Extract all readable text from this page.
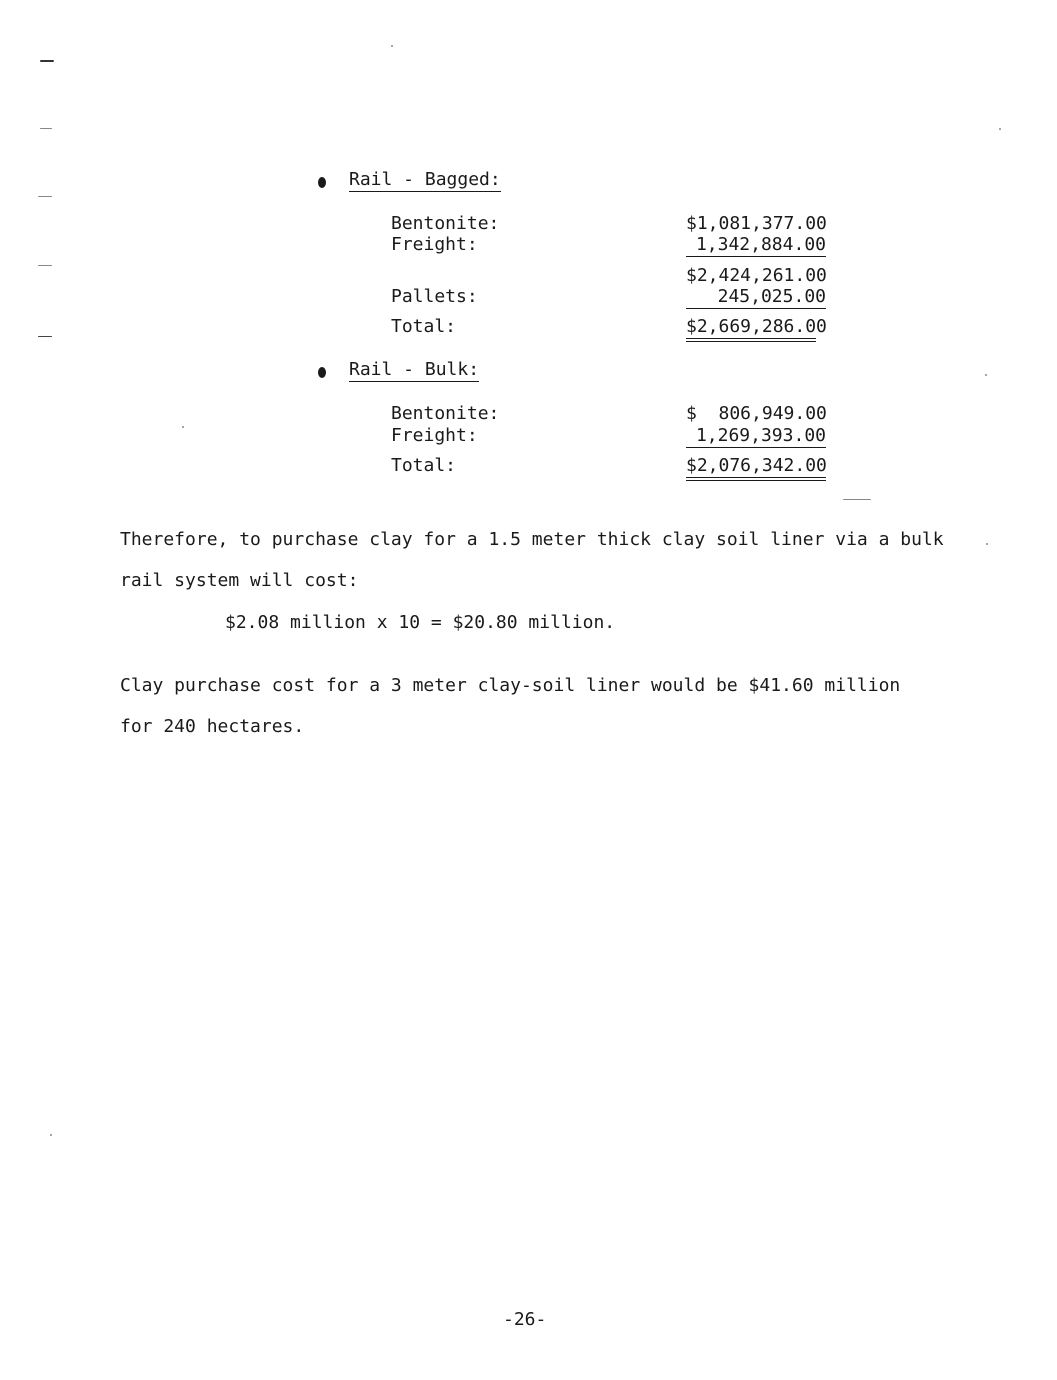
Rail - Bagged:
Bentonite:	$1,081,377.00
Freight:	1,342,884.00
$2,424,261.00
Pallets:	245,025.00
Total:	$2,669,286.00
Rail - Bulk:
Bentonite:	$  806,949.00
Freight:	1,269,393.00
Total:	$2,076,342.00
Therefore, to purchase clay for a 1.5 meter thick clay soil liner via a bulk
rail system will cost:
$2.08 million x 10 = $20.80 million.
Clay purchase cost for a 3 meter clay-soil liner would be $41.60 million
for 240 hectares.
-26-
